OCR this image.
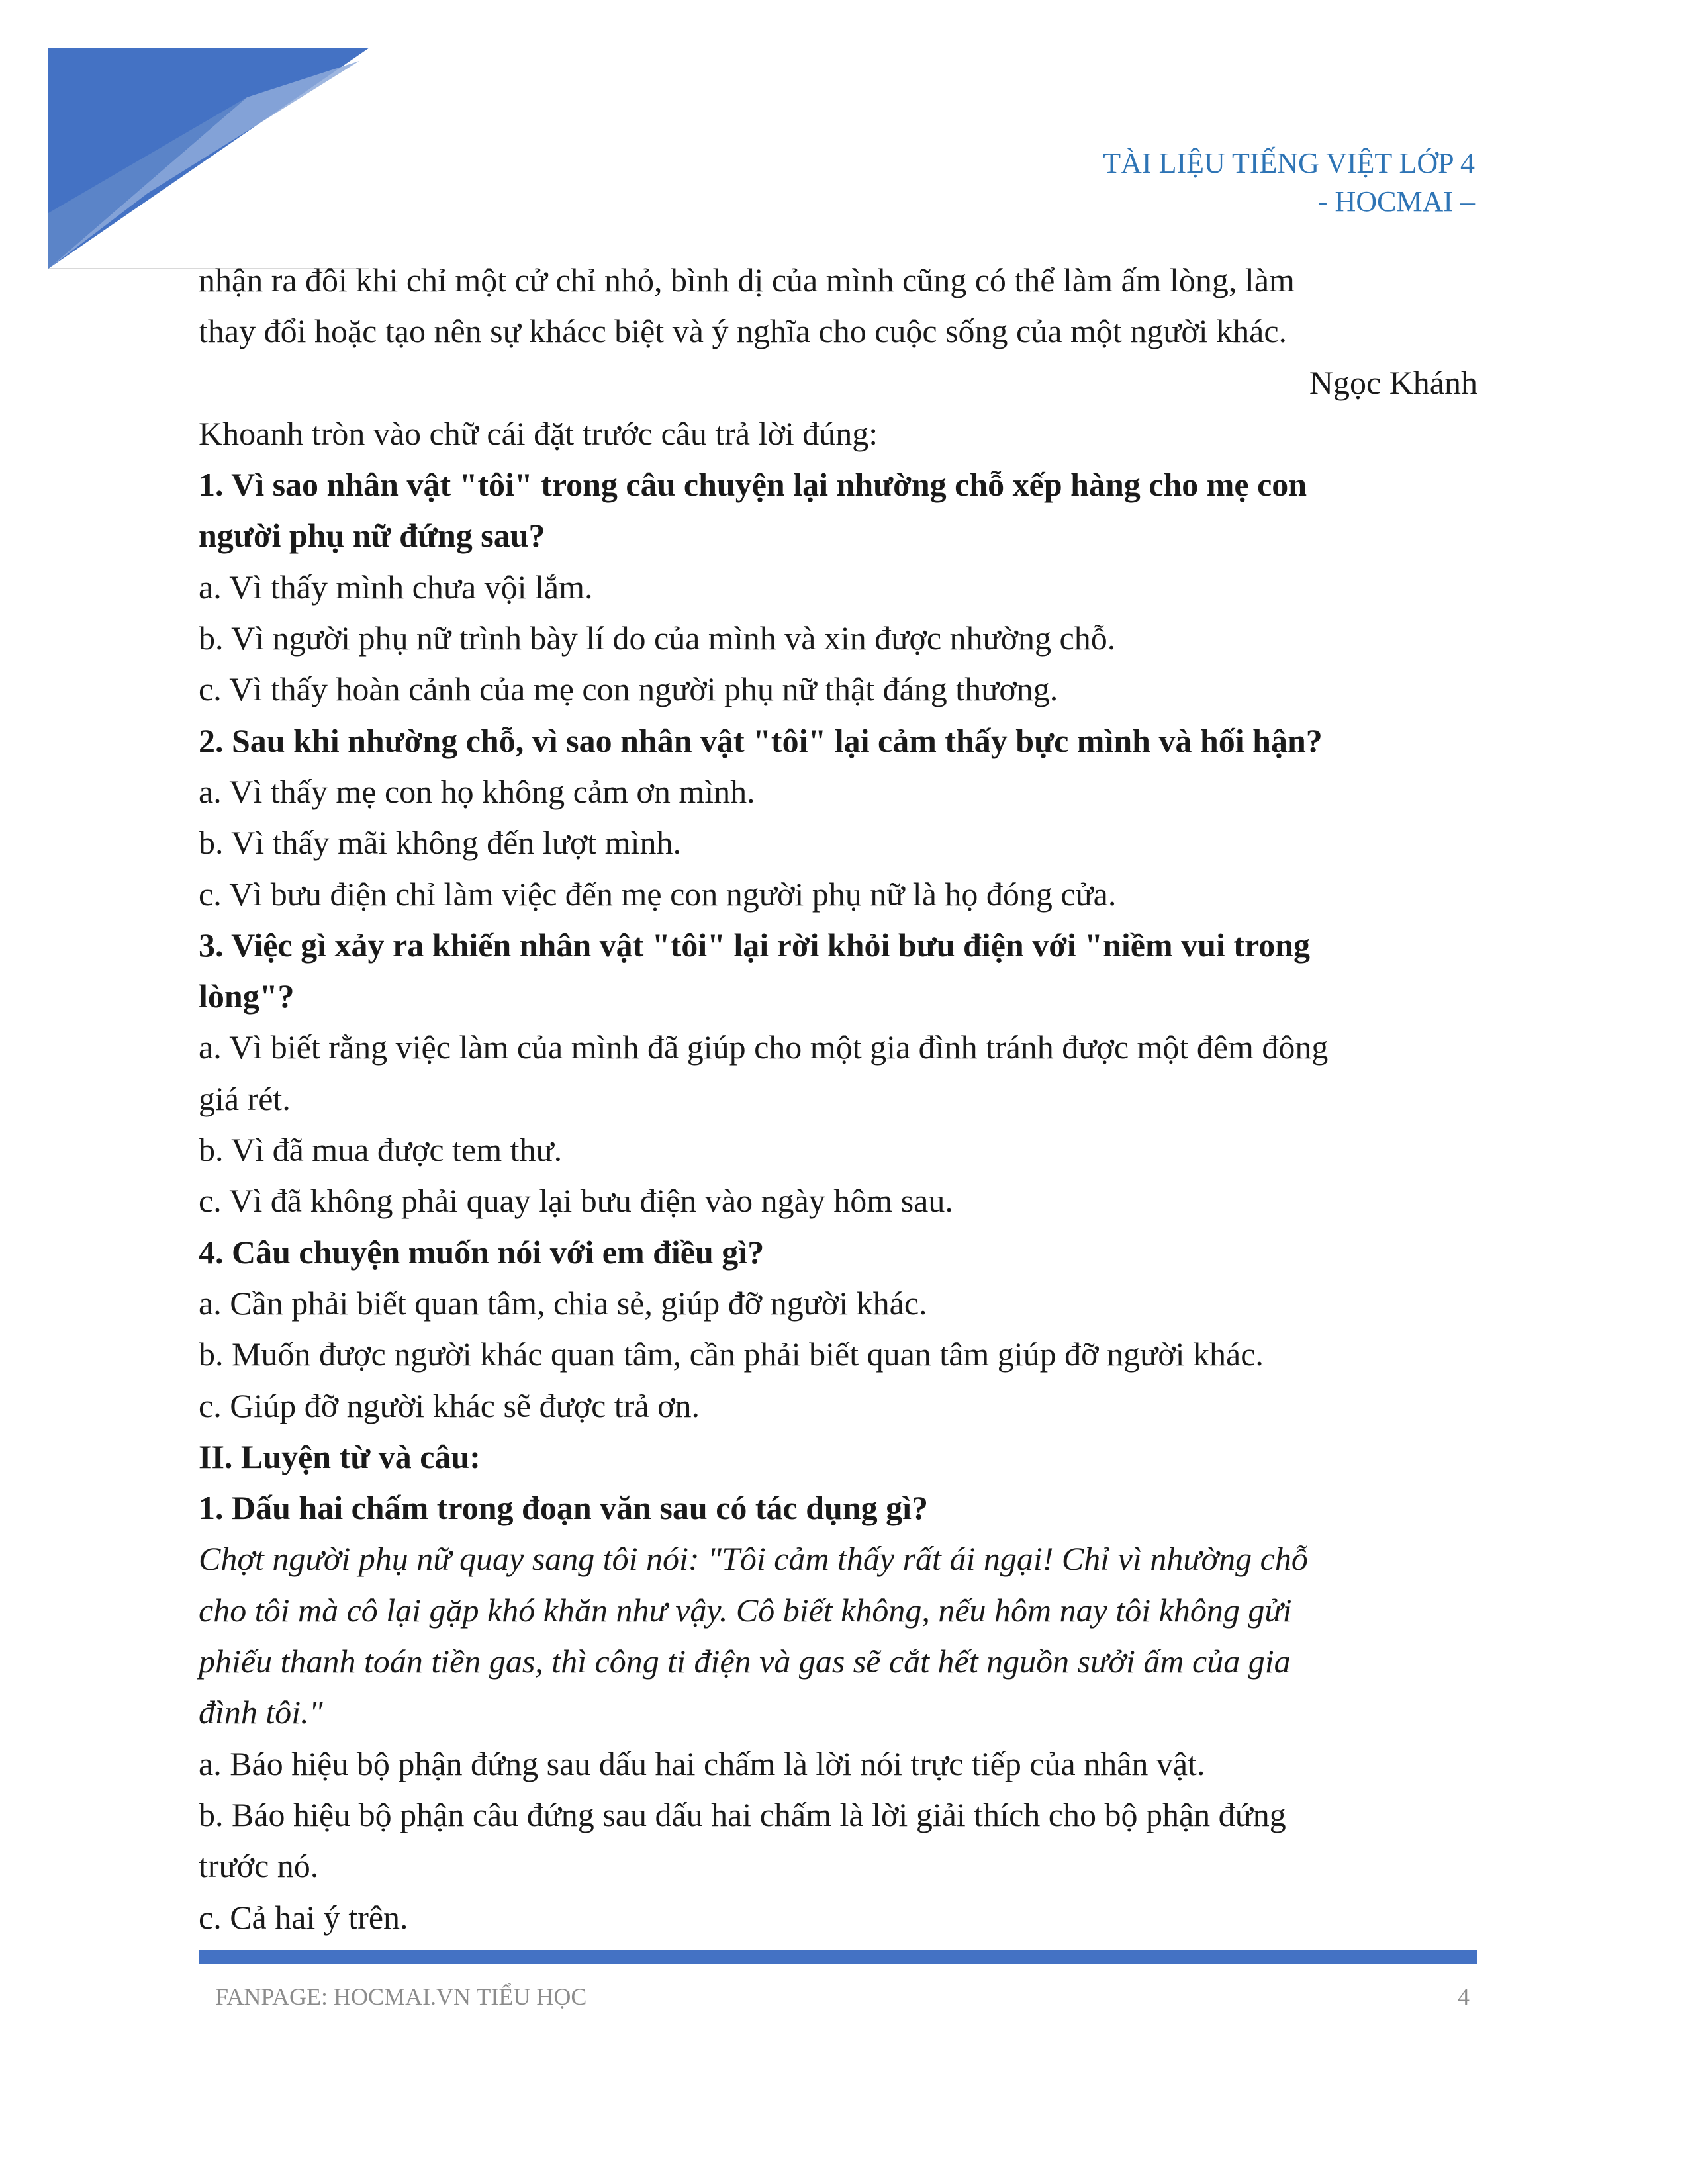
TÀI LIỆU TIẾNG VIỆT LỚP 4
- HOCMAI –

nhận ra đôi khi chỉ một cử chỉ nhỏ, bình dị của mình cũng có thể làm ấm lòng, làm

thay đổi hoặc tạo nên sự khácc biệt và ý nghĩa cho cuộc sống của một người khác.

Ngọc Khánh

Khoanh tròn vào chữ cái đặt trước câu trả lời đúng:

1. Vì sao nhân vật "tôi" trong câu chuyện lại nhường chỗ xếp hàng cho mẹ con

người phụ nữ đứng sau?

a. Vì thấy mình chưa vội lắm.

b. Vì người phụ nữ trình bày lí do của mình và xin được nhường chỗ.

c. Vì thấy hoàn cảnh của mẹ con người phụ nữ thật đáng thương.

2. Sau khi nhường chỗ, vì sao nhân vật "tôi" lại cảm thấy bực mình và hối hận?

a. Vì thấy mẹ con họ không cảm ơn mình.

b. Vì thấy mãi không đến lượt mình.

c. Vì bưu điện chỉ làm việc đến mẹ con người phụ nữ là họ đóng cửa.

3. Việc gì xảy ra khiến nhân vật "tôi" lại rời khỏi bưu điện với "niềm vui trong

lòng"?

a. Vì biết rằng việc làm của mình đã giúp cho một gia đình tránh được một đêm đông

giá rét.

b. Vì đã mua được tem thư.

c. Vì đã không phải quay lại bưu điện vào ngày hôm sau.

4. Câu chuyện muốn nói với em điều gì?

a. Cần phải biết quan tâm, chia sẻ, giúp đỡ người khác.

b. Muốn được người khác quan tâm, cần phải biết quan tâm giúp đỡ người khác.

c. Giúp đỡ người khác sẽ được trả ơn.

II. Luyện từ và câu:

1. Dấu hai chấm trong đoạn văn sau có tác dụng gì?

Chợt người phụ nữ quay sang tôi nói: "Tôi cảm thấy rất ái ngại! Chỉ vì nhường chỗ

cho tôi mà cô lại gặp khó khăn như vậy. Cô biết không, nếu hôm nay tôi không gửi

phiếu thanh toán tiền gas, thì công ti điện và gas sẽ cắt hết nguồn sưởi ấm của gia

đình tôi."

a. Báo hiệu bộ phận đứng sau dấu hai chấm là lời nói trực tiếp của nhân vật.

b. Báo hiệu bộ phận câu đứng sau dấu hai chấm là lời giải thích cho bộ phận đứng

trước nó.

c. Cả hai ý trên.

FANPAGE: HOCMAI.VN TIỂU HỌC	4
